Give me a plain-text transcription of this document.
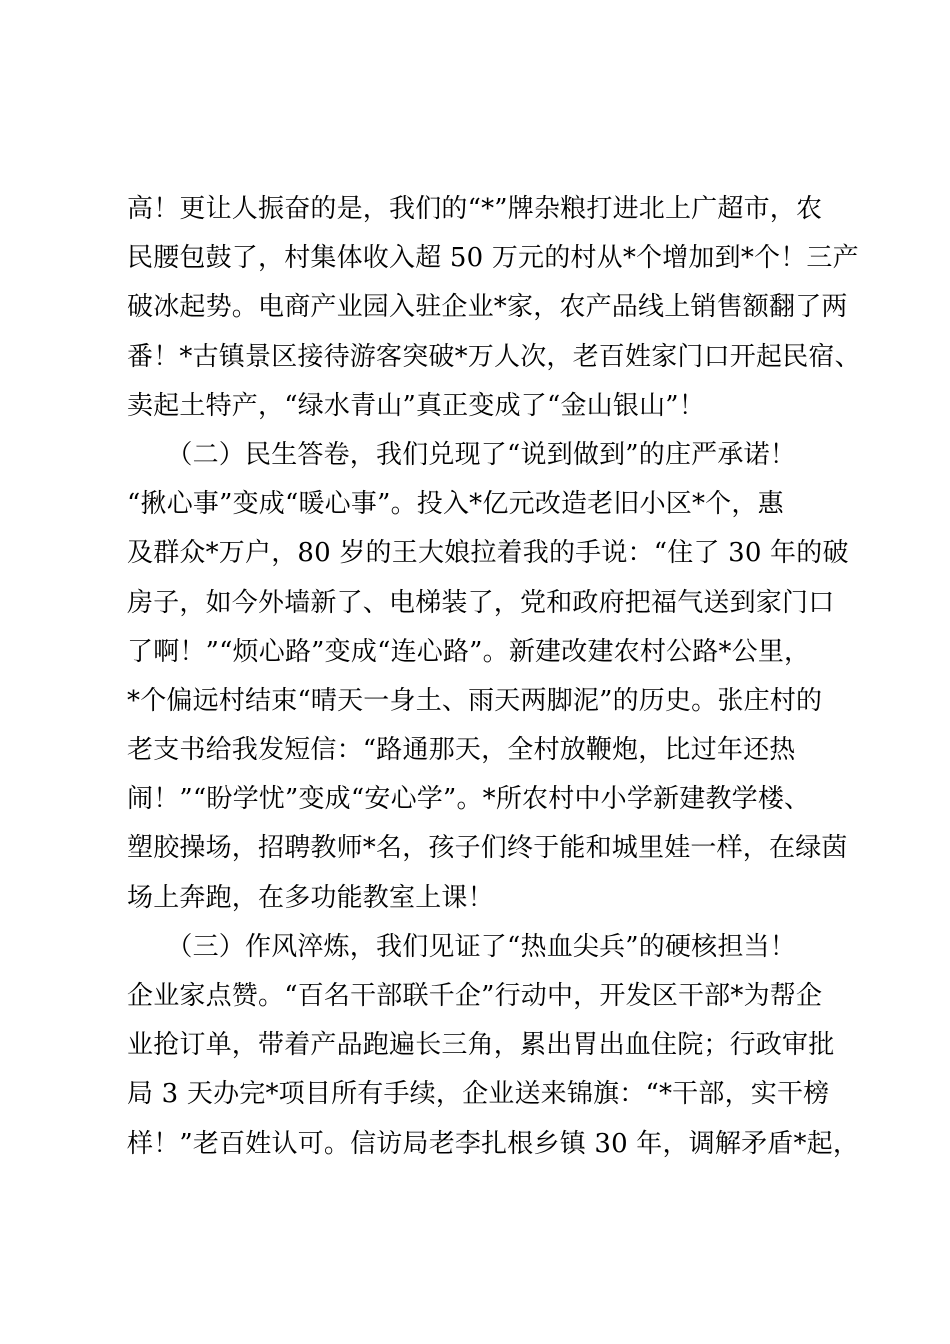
高！更让人振奋的是，我们的“*”牌杂粮打进北上广超市，农
民腰包鼓了，村集体收入超 50 万元的村从*个增加到*个！三产
破冰起势。电商产业园入驻企业*家，农产品线上销售额翻了两
番！*古镇景区接待游客突破*万人次，老百姓家门口开起民宿、
卖起土特产，“绿水青山”真正变成了“金山银山”！
　　（二）民生答卷，我们兑现了“说到做到”的庄严承诺！
“揪心事”变成“暖心事”。投入*亿元改造老旧小区*个，惠
及群众*万户，80 岁的王大娘拉着我的手说：“住了 30 年的破
房子，如今外墙新了、电梯装了，党和政府把福气送到家门口
了啊！”“烦心路”变成“连心路”。新建改建农村公路*公里，
*个偏远村结束“晴天一身土、雨天两脚泥”的历史。张庄村的
老支书给我发短信：“路通那天，全村放鞭炮，比过年还热
闹！”“盼学忧”变成“安心学”。*所农村中小学新建教学楼、
塑胶操场，招聘教师*名，孩子们终于能和城里娃一样，在绿茵
场上奔跑，在多功能教室上课！
　　（三）作风淬炼，我们见证了“热血尖兵”的硬核担当！
企业家点赞。“百名干部联千企”行动中，开发区干部*为帮企
业抢订单，带着产品跑遍长三角，累出胃出血住院；行政审批
局 3 天办完*项目所有手续，企业送来锦旗：“*干部，实干榜
样！”老百姓认可。信访局老李扎根乡镇 30 年，调解矛盾*起，
